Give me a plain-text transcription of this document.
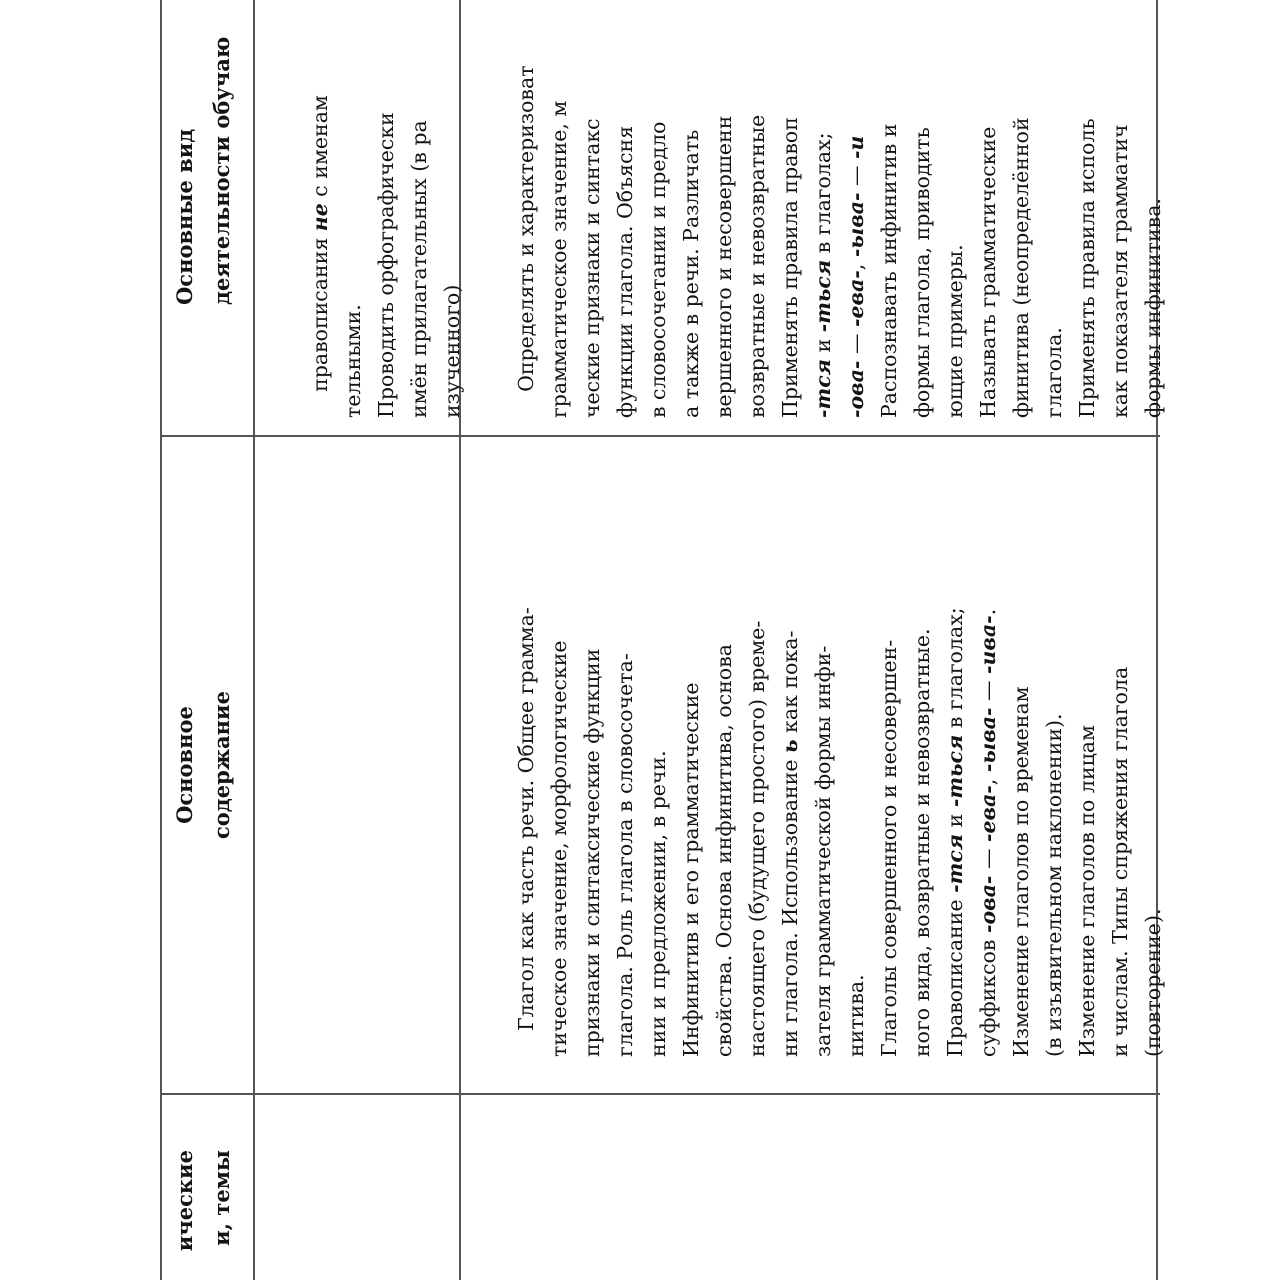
ические
и, темы
Основное
содержание
Основные вид
деятельности обучаю

правописания не с именам
тельными.
Проводить орфографически
имён прилагательных (в ра
изученного)

Глагол как часть речи. Общее грамма-
тическое значение, морфологические
признаки и синтаксические функции
глагола. Роль глагола в словосочета-
нии и предложении, в речи.
Инфинитив и его грамматические
свойства. Основа инфинитива, основа
настоящего (будущего простого) време-
ни глагола. Использование ь как пока-
зателя грамматической формы инфи-
нитива.
Глаголы совершенного и несовершен-
ного вида, возвратные и невозвратные.
Правописание -тся и -ться в глаголах;
суффиксов -ова- — -ева-, -ыва- — -ива-.
Изменение глаголов по временам
(в изъявительном наклонении).
Изменение глаголов по лицам
и числам. Типы спряжения глагола
(повторение).

Определять и характеризоват
грамматическое значение, м
ческие признаки и синтакс
функции глагола. Объясня
в словосочетании и предло
а также в речи. Различать
вершенного и несовершенн
возвратные и невозвратные
Применять правила правоп
-тся и -ться в глаголах;
-ова- — -ева-, -ыва- — -и
Распознавать инфинитив и
формы глагола, приводить
ющие примеры.
Называть грамматические
финитива (неопределённой
глагола.
Применять правила исполь
как показателя грамматич
формы инфинитива.
